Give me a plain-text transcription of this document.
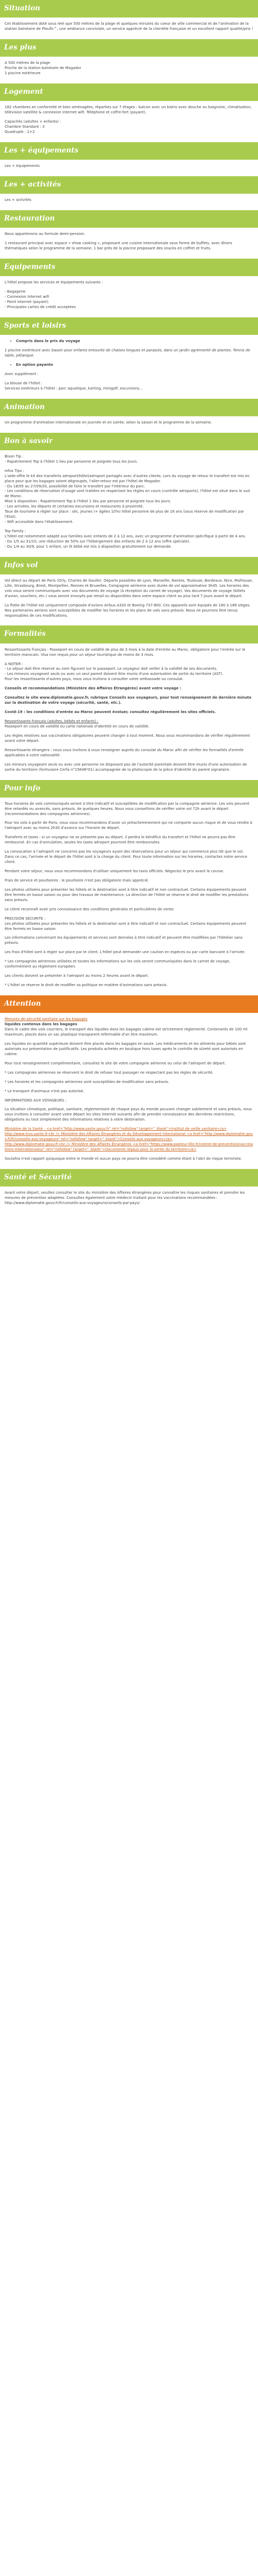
Situation

Cet établissement doté sous réel que 500 mètres de la plage et quelques minutes du coeur de ville commercial et de l'animation de la station balnéaire de Ploufic^, une ambiance conviviale, un service apprécié de la clientèle française et un excellent rapport qualité/prix !

Les plus
A 500 mètres de la plage
Proche de la station balnéaire de Mogador
1 piscine extérieure
Logement

182 chambres en conformité et bien aménagées, réparties sur 7 étages : balcon avec un bistro avec douche ou baignoire, climatisation, télévision satellite & connexion Internet wifi. Téléphone et coffre-fort (payant).

Capacités (adultes + enfants) :
Chambre Standard : 3
Quadruple : 2+2
Les + équipements

Les + équipements

Les + activités

Les + activités

Restauration

Nous appartenons au formule demi-pension.

1 restaurant principal avec espace « show cooking », proposant une cuisine internationale sous forme de buffets, avec dîners thématiques selon le programme de la semaine. 1 bar près de la piscine proposant des snacks en coffret et fruits.

Equipements

L'hôtel propose les services et équipements suivants :

- Bagagerie
- Connexion Internet wifi
- Point Internet (payant).
- Principales cartes de crédit acceptées
Sports et loisirs
• Compris dans le prix du voyage

1 piscine extérieure avec bassin pour enfants entourée de chaises longues et parasols, dans un jardin agrémenté de plantes. Tennis de table, pétanque.

• En option payante

Avec supplément :

La blouse de l'hôtel :
Services extérieurs à l'hôtel : parc aquatique, karting, minigolf, excursions...
Animation

Un programme d'animation internationale en journée et en soirée, selon la saison et le programme de la semaine.

Bon à savoir
Bison Tip :
- Rapatriement Top à l'hôtel 1 lieu par personne et poignée tous les jours.
Infos Tips :
L'aide-offre le kit des transferts aéroport/hôtel/aéroport partagés avec d'autres clients. Lors du voyage de retour le transfert est mis en place pour que les bagages soient dégroupés, l'aller-retour est par l'hôtel de Mogador.
- Du 18/05 au 27/09/20, possibilité de faire le transfert par l'intérieur du parc.
- Les conditions de réservation d'usage sont traitées en respectant les règles en cours (contrôle aéroports), l'hôtel est situé dans le sud de Maroc.
Mise à disposition : Rapatriement Top à l'hôtel 1 lieu par personne et poignée tous les jours.
- Les arrivées, les départs et certaines excursions et restaurants à proximité.
Taux de tourisme à régler sur place : séc. Jeunes (+ âgées 10%) hôtel personne de plus de 16 ans (sous réserve de modification par l'Etat).
- Wifi accessible dans l'établissement.
Top Family :
L'hôtel est notamment adapté aux familles avec enfants de 2 à 12 ans, avec un programme d'animation spécifique à partir de 4 ans.
- Du 1/5 au 31/10, une réduction de 50% sur l'hébergement des enfants de 2 à 12 ans (offre spéciale).
- Du 1/4 au 30/9, pour 1 enfant, un lit bébé est mis à disposition gratuitement sur demande.
Infos vol

Vol direct au départ de Paris (Orly, Charles de Gaulle). Départs possibles de Lyon, Marseille, Nantes, Toulouse, Bordeaux, Nice, Mulhouse, Lille, Strasbourg, Brest, Montpellier, Rennes et Bruxelles. Compagnie aérienne avec durée de vol approximative 3h45. Les horaires des vols vous seront communiqués avec vos documents de voyage (à réception du carnet de voyage). Vos documents de voyage (billets d'avion, vouchers, etc.) vous seront envoyés par email ou disponibles dans votre espace client au plus tard 7 jours avant le départ.

La flotte de l'hôtel est uniquement composée d'avions Airbus A320 et Boeing 737-800. Ces appareils sont équipés de 180 à 189 sièges. Nos partenaires aériens sont susceptibles de modifier les horaires et les plans de vols sans préavis. Nous ne pourrons être tenus responsables de ces modifications.

Formalités

Ressortissants français : Passeport en cours de validité de plus de 3 mois à la date d'entrée au Maroc, obligatoire pour l'entrée sur le territoire marocain. Visa non requis pour un séjour touristique de moins de 3 mois.

A NOTER :
- Le séjour doit être réservé au nom figurant sur le passeport. Le voyageur doit veiller à la validité de ses documents.
- Les mineurs voyageant seuls ou avec un seul parent doivent être munis d'une autorisation de sortie du territoire (AST).

Pour les ressortissants d'autres pays, nous vous invitons à consulter votre ambassade ou consulat.

Conseils et recommandations (Ministère des Affaires Étrangères) avant votre voyage :

Consultez le site www.diplomatie.gouv.fr, rubrique Conseils aux voyageurs, pour tout renseignement de dernière minute sur la destination de votre voyage (sécurité, santé, etc.).

Covid-19 : les conditions d'entrée au Maroc peuvent évoluer, consultez régulièrement les sites officiels.

Ressortissants français (adultes, bébés et enfants) :

Passeport en cours de validité ou carte nationale d'identité en cours de validité.

Les règles relatives aux vaccinations obligatoires peuvent changer à tout moment. Nous vous recommandons de vérifier régulièrement avant votre départ.

Ressortissants étrangers : nous vous invitons à vous renseigner auprès du consulat du Maroc afin de vérifier les formalités d'entrée applicables à votre nationalité.

Les mineurs voyageant seuls ou avec une personne ne disposant pas de l'autorité parentale doivent être munis d'une autorisation de sortie du territoire (formulaire Cerfa n°15646*01) accompagnée de la photocopie de la pièce d'identité du parent signataire.

Pour info

Tous horaires de vols communiqués seront à titre indicatif et susceptibles de modification par la compagnie aérienne. Les vols peuvent être retardés ou avancés, sans préavis, de quelques heures. Nous vous conseillons de vérifier votre vol 72h avant le départ (recommandations des compagnies aériennes).

Pour les vols à partir de Paris, nous vous recommandons d'avoir un préacheminement qui ne comporte aucun risque et de vous rendre à l'aéroport avec au moins 2h30 d'avance sur l'horaire de départ.

Transferts et taxes : si un voyageur ne se présente pas au départ, il perdra le bénéfice du transfert et l'hôtel ne pourra pas être remboursé. En cas d'annulation, seules les taxes aéroport pourront être remboursées.

La convocation à l'aéroport ne concerne pas les voyageurs ayant des réservations pour un séjour qui commence plus tôt que le vol. Dans ce cas, l'arrivée et le départ de l'hôtel sont à la charge du client. Pour toute information sur les horaires, contactez notre service client.

Pendant votre séjour, nous vous recommandons d'utiliser uniquement les taxis officiels. Négociez le prix avant la course.

Frais de service et pourboires : le pourboire n'est pas obligatoire mais apprécié.

Les photos utilisées pour présenter les hôtels et la destination sont à titre indicatif et non contractuel. Certains équipements peuvent être fermés en basse saison ou pour des travaux de maintenance. La direction de l'hôtel se réserve le droit de modifier les prestations sans préavis.

Le client reconnaît avoir pris connaissance des conditions générales et particulières de vente.

PRECISION SECURITE :

Les photos utilisées pour présenter les hôtels et la destination sont à titre indicatif et non contractuel. Certains équipements peuvent être fermés en basse saison.

Les informations concernant les équipements et services sont données à titre indicatif et peuvent être modifiées par l'hôtelier sans préavis.

Les frais d'hôtel sont à régler sur place par le client. L'hôtel peut demander une caution en espèces ou par carte bancaire à l'arrivée.

* Les compagnies aériennes utilisées et toutes les informations sur les vols seront communiquées dans le carnet de voyage, conformément au règlement européen.

Les clients doivent se présenter à l'aéroport au moins 2 heures avant le départ.

* L'hôtel se réserve le droit de modifier sa politique en matière d'animations sans préavis.

Attention
Mesures de sécurité sanitaire sur les bagages
liquides contenus dans les bagages

Dans le cadre des vols courriers, le transport des liquides dans les bagages cabine est strictement réglementé. Contenants de 100 ml maximum, placés dans un sac plastique transparent refermable d'un litre maximum.

Les liquides en quantité supérieure doivent être placés dans les bagages en soute. Les médicaments et les aliments pour bébés sont autorisés sur présentation de justificatifs. Les produits achetés en boutique hors taxes après le contrôle de sûreté sont autorisés en cabine.

Pour tout renseignement complémentaire, consultez le site de votre compagnie aérienne ou celui de l'aéroport de départ.

* Les compagnies aériennes se réservent le droit de refuser tout passager ne respectant pas les règles de sécurité.

* Les horaires et les compagnies aériennes sont susceptibles de modification sans préavis.

* Le transport d'animaux n'est pas autorisé.

INFORMATIONS AUX VOYAGEURS :

La situation climatique, politique, sanitaire, réglementaire de chaque pays du monde pouvant changer subitement et sans préavis, nous vous invitons à consulter avant votre départ les sites internet suivants afin de prendre connaissance des dernières restrictions, obligations ou tout simplement des informations relatives à votre destination.

Ministère de la Santé : <a href="http://www.sante.gouv.fr" rel="nofollow" target="_blank">Institut de veille sanitaire</a>
http://www.invs.sante.fr<br /> Ministère des Affaires Étrangères et du Développement international <a href="http://www.diplomatie.gouv.fr/fr/conseils-aux-voyageurs" rel="nofollow" target="_blank">Conseils aux voyageurs</a>

http://www.diplomatie.gouv.fr<br /> Ministère des Affaires Étrangères <a href="https://www.pasteur-lille.fr/centre-de-prevention/vaccinations-internationales/" rel="nofollow" target="_blank">Documents légaux pour la sortie du territoire</a>

Soulahia n'est rapport quiquoque entre le monde et aucun pays ne pourra être considéré comme étant à l'abri de risque terroriste.

Santé et Sécurité

Avant votre départ, veuillez consulter le site du ministère des Affaires étrangères pour connaître les risques sanitaires et prendre les mesures de prévention adaptées. Consultez également votre médecin traitant pour les vaccinations recommandées : http://www.diplomatie.gouv.fr/fr/conseils-aux-voyageurs/conseils-par-pays/
